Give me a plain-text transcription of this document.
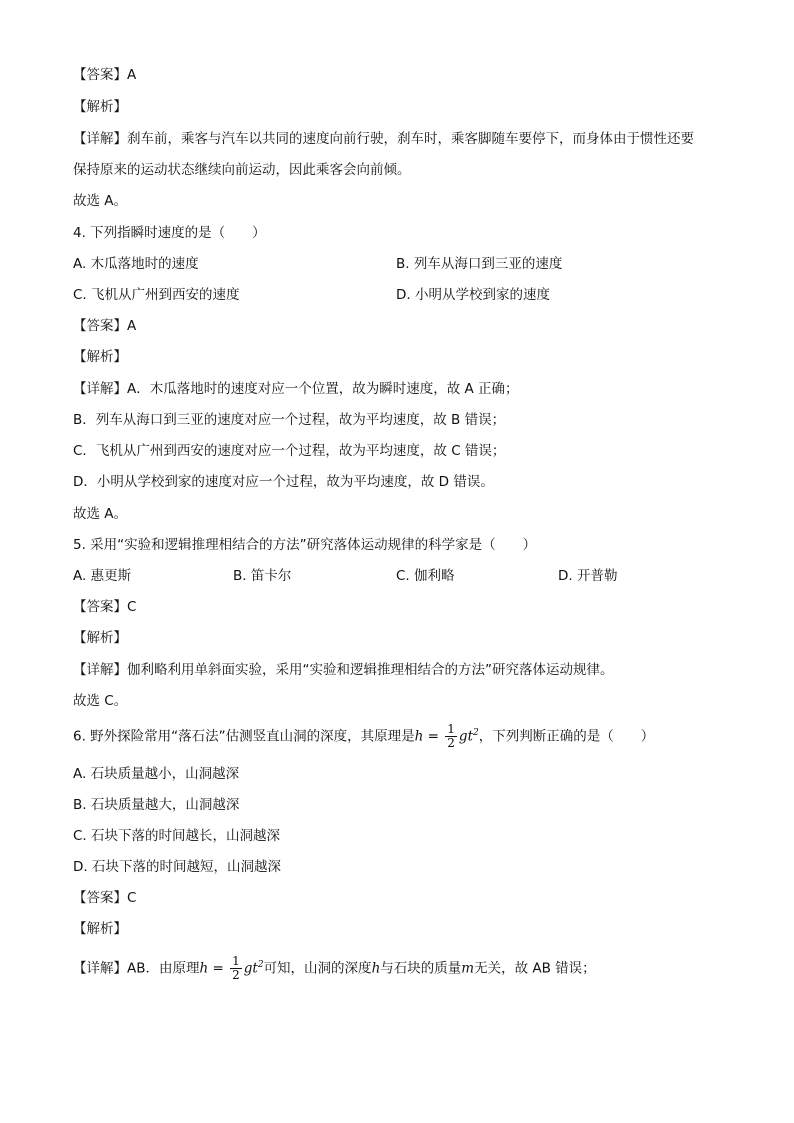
【答案】A
【解析】
【详解】刹车前，乘客与汽车以共同的速度向前行驶，刹车时，乘客脚随车要停下，而身体由于惯性还要
保持原来的运动状态继续向前运动，因此乘客会向前倾。
故选 A。
4. 下列指瞬时速度的是（　　）
A. 木瓜落地时的速度	B. 列车从海口到三亚的速度
C. 飞机从广州到西安的速度	D. 小明从学校到家的速度
【答案】A
【解析】
【详解】A．木瓜落地时的速度对应一个位置，故为瞬时速度，故 A 正确；
B．列车从海口到三亚的速度对应一个过程，故为平均速度，故 B 错误；
C．飞机从广州到西安的速度对应一个过程，故为平均速度，故 C 错误；
D．小明从学校到家的速度对应一个过程，故为平均速度，故 D 错误。
故选 A。
5. 采用“实验和逻辑推理相结合的方法”研究落体运动规律的科学家是（　　）
A. 惠更斯	B. 笛卡尔	C. 伽利略	D. 开普勒
【答案】C
【解析】
【详解】伽利略利用单斜面实验，采用“实验和逻辑推理相结合的方法”研究落体运动规律。
故选 C。
6. 野外探险常用“落石法”估测竖直山洞的深度，其原理是$h = \frac{1}{2} gt^2$，下列判断正确的是（　　）
A. 石块质量越小，山洞越深
B. 石块质量越大，山洞越深
C. 石块下落的时间越长，山洞越深
D. 石块下落的时间越短，山洞越深
【答案】C
【解析】
【详解】AB．由原理$h = \frac{1}{2} gt^2$可知，山洞的深度h与石块的质量m无关，故 AB 错误；
